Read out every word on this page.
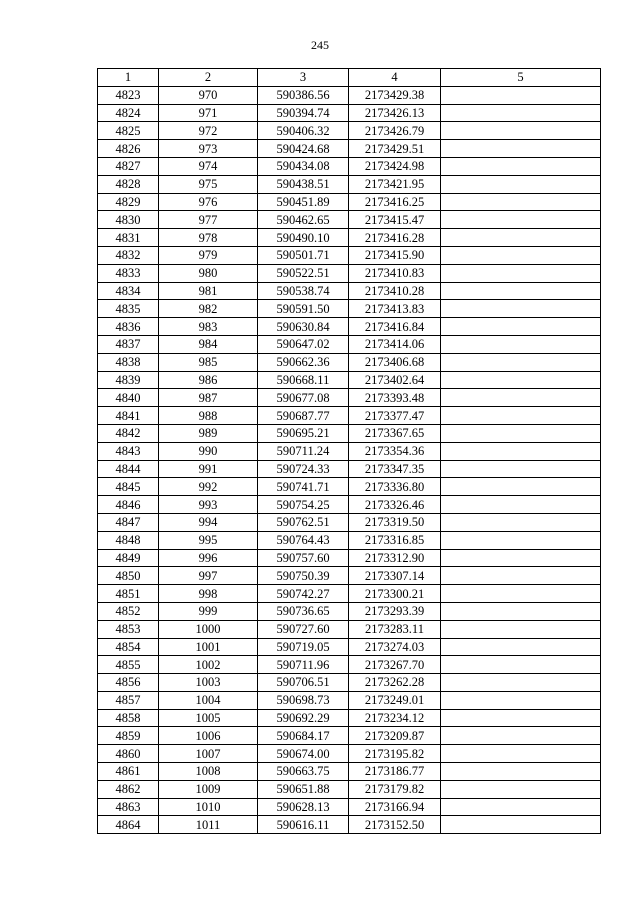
245
1	2	3	4	5
4823	970	590386.56	2173429.38	
4824	971	590394.74	2173426.13	
4825	972	590406.32	2173426.79	
4826	973	590424.68	2173429.51	
4827	974	590434.08	2173424.98	
4828	975	590438.51	2173421.95	
4829	976	590451.89	2173416.25	
4830	977	590462.65	2173415.47	
4831	978	590490.10	2173416.28	
4832	979	590501.71	2173415.90	
4833	980	590522.51	2173410.83	
4834	981	590538.74	2173410.28	
4835	982	590591.50	2173413.83	
4836	983	590630.84	2173416.84	
4837	984	590647.02	2173414.06	
4838	985	590662.36	2173406.68	
4839	986	590668.11	2173402.64	
4840	987	590677.08	2173393.48	
4841	988	590687.77	2173377.47	
4842	989	590695.21	2173367.65	
4843	990	590711.24	2173354.36	
4844	991	590724.33	2173347.35	
4845	992	590741.71	2173336.80	
4846	993	590754.25	2173326.46	
4847	994	590762.51	2173319.50	
4848	995	590764.43	2173316.85	
4849	996	590757.60	2173312.90	
4850	997	590750.39	2173307.14	
4851	998	590742.27	2173300.21	
4852	999	590736.65	2173293.39	
4853	1000	590727.60	2173283.11	
4854	1001	590719.05	2173274.03	
4855	1002	590711.96	2173267.70	
4856	1003	590706.51	2173262.28	
4857	1004	590698.73	2173249.01	
4858	1005	590692.29	2173234.12	
4859	1006	590684.17	2173209.87	
4860	1007	590674.00	2173195.82	
4861	1008	590663.75	2173186.77	
4862	1009	590651.88	2173179.82	
4863	1010	590628.13	2173166.94	
4864	1011	590616.11	2173152.50	
